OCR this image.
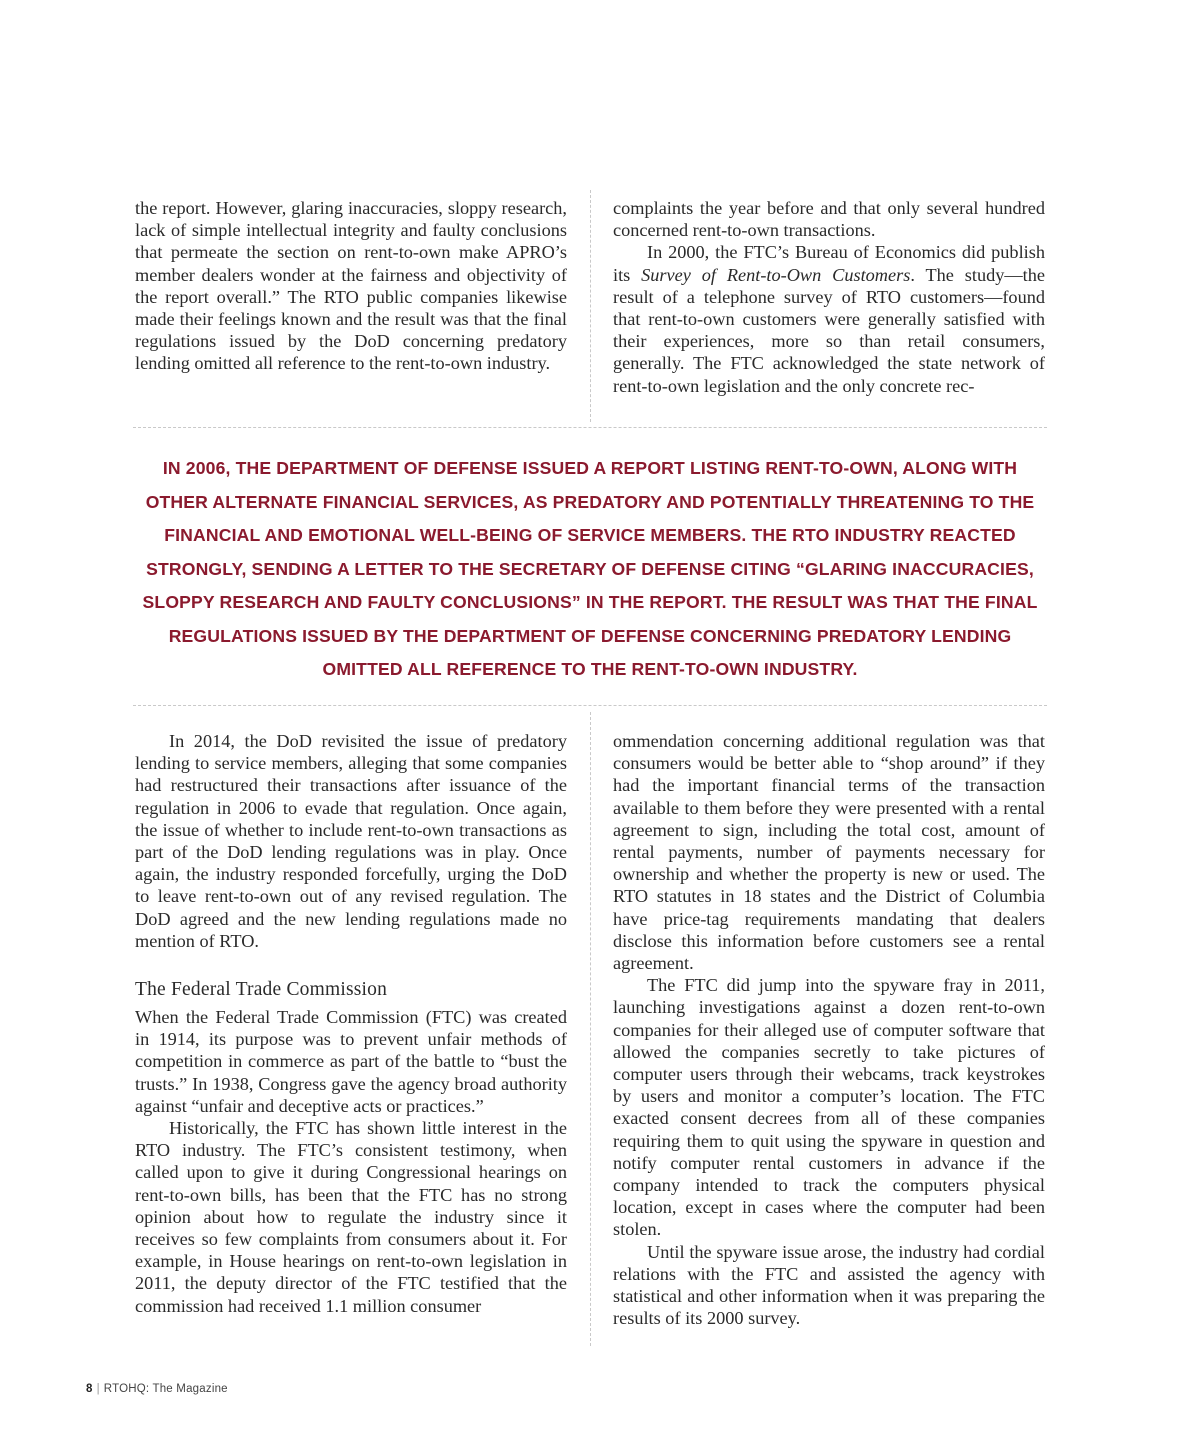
the report. However, glaring inaccuracies, sloppy research, lack of simple intellectual integrity and faulty conclusions that permeate the section on rent-to-own make APRO’s member dealers wonder at the fairness and objectivity of the report overall.” The RTO public companies likewise made their feelings known and the result was that the final regulations issued by the DoD concerning predatory lending omitted all reference to the rent-to-own industry.

complaints the year before and that only several hundred concerned rent-to-own transactions.

In 2000, the FTC’s Bureau of Economics did publish its Survey of Rent-to-Own Customers. The study—the result of a telephone survey of RTO customers—found that rent-to-own customers were generally satisfied with their experiences, more so than retail consumers, generally. The FTC acknowledged the state network of rent-to-own legislation and the only concrete rec-

IN 2006, THE DEPARTMENT OF DEFENSE ISSUED A REPORT LISTING RENT-TO-OWN, ALONG WITH OTHER ALTERNATE FINANCIAL SERVICES, AS PREDATORY AND POTENTIALLY THREATENING TO THE FINANCIAL AND EMOTIONAL WELL-BEING OF SERVICE MEMBERS. THE RTO INDUSTRY REACTED STRONGLY, SENDING A LETTER TO THE SECRETARY OF DEFENSE CITING “GLARING INACCURACIES, SLOPPY RESEARCH AND FAULTY CONCLUSIONS” IN THE REPORT. THE RESULT WAS THAT THE FINAL REGULATIONS ISSUED BY THE DEPARTMENT OF DEFENSE CONCERNING PREDATORY LENDING OMITTED ALL REFERENCE TO THE RENT-TO-OWN INDUSTRY.

In 2014, the DoD revisited the issue of predatory lending to service members, alleging that some companies had restructured their transactions after issuance of the regulation in 2006 to evade that regulation. Once again, the issue of whether to include rent-to-own transactions as part of the DoD lending regulations was in play. Once again, the industry responded forcefully, urging the DoD to leave rent-to-own out of any revised regulation. The DoD agreed and the new lending regulations made no mention of RTO.

The Federal Trade Commission

When the Federal Trade Commission (FTC) was created in 1914, its purpose was to prevent unfair methods of competition in commerce as part of the battle to “bust the trusts.” In 1938, Congress gave the agency broad authority against “unfair and deceptive acts or practices.”

Historically, the FTC has shown little interest in the RTO industry. The FTC’s consistent testimony, when called upon to give it during Congressional hearings on rent-to-own bills, has been that the FTC has no strong opinion about how to regulate the industry since it receives so few complaints from consumers about it. For example, in House hearings on rent-to-own legislation in 2011, the deputy director of the FTC testified that the commission had received 1.1 million consumer

ommendation concerning additional regulation was that consumers would be better able to “shop around” if they had the important financial terms of the transaction available to them before they were presented with a rental agreement to sign, including the total cost, amount of rental payments, number of payments necessary for ownership and whether the property is new or used. The RTO statutes in 18 states and the District of Columbia have price-tag requirements mandating that dealers disclose this information before customers see a rental agreement.

The FTC did jump into the spyware fray in 2011, launching investigations against a dozen rent-to-own companies for their alleged use of computer software that allowed the companies secretly to take pictures of computer users through their webcams, track keystrokes by users and monitor a computer’s location. The FTC exacted consent decrees from all of these companies requiring them to quit using the spyware in question and notify computer rental customers in advance if the company intended to track the computers physical location, except in cases where the computer had been stolen.

Until the spyware issue arose, the industry had cordial relations with the FTC and assisted the agency with statistical and other information when it was preparing the results of its 2000 survey.

8 | RTOHQ: The Magazine
